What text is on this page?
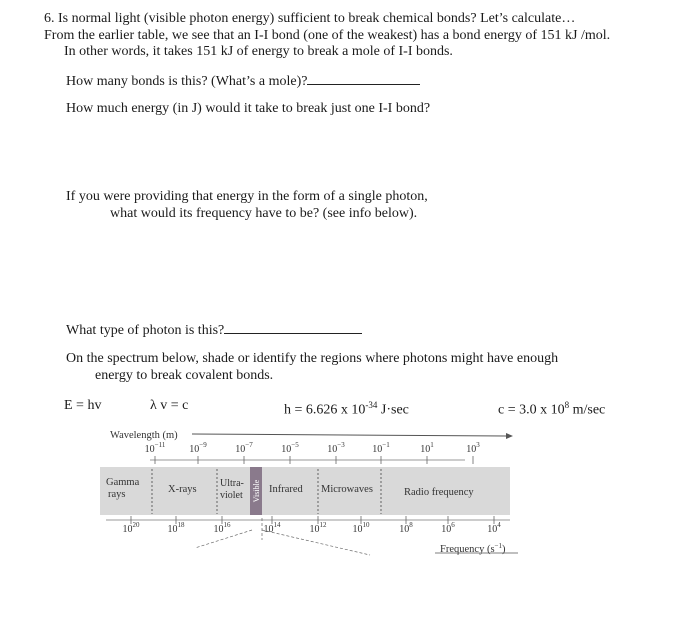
6. Is normal light (visible photon energy) sufficient to break chemical bonds? Let’s calculate…
From the earlier table, we see that an I-I bond (one of the weakest) has a bond energy of 151 kJ /mol.
In other words, it takes 151 kJ of energy to break a mole of I-I bonds.
How many bonds is this? (What’s a mole)?
How much energy (in J) would it take to break just one I-I bond?
If you were providing that energy in the form of a single photon,
what would its frequency have to be? (see info below).
What type of photon is this?
On the spectrum below, shade or identify the regions where photons might have enough
energy to break covalent bonds.
E = hv	λ v = c	h = 6.626 x $10^{-34}$ J·sec	c = 3.0 x $10^8$ m/sec
Wavelength (m)
$10^{-11}$ $10^{-9}$	$10^{-7}$	$10^{-5}$	$10^{-3}$	$10^{-1}$	$10^1$	$10^3$
Gamma
rays	X-rays
Ultra-
violet Visible Infrared Microwaves	Radio frequency
$10^{20}$	$10^{18}$	$10^{16}$	$10^{14}$	$10^{12}$	$10^{10}$	$10^8$	$10^6$	$10^4$
Frequency $(s^{-1})$
